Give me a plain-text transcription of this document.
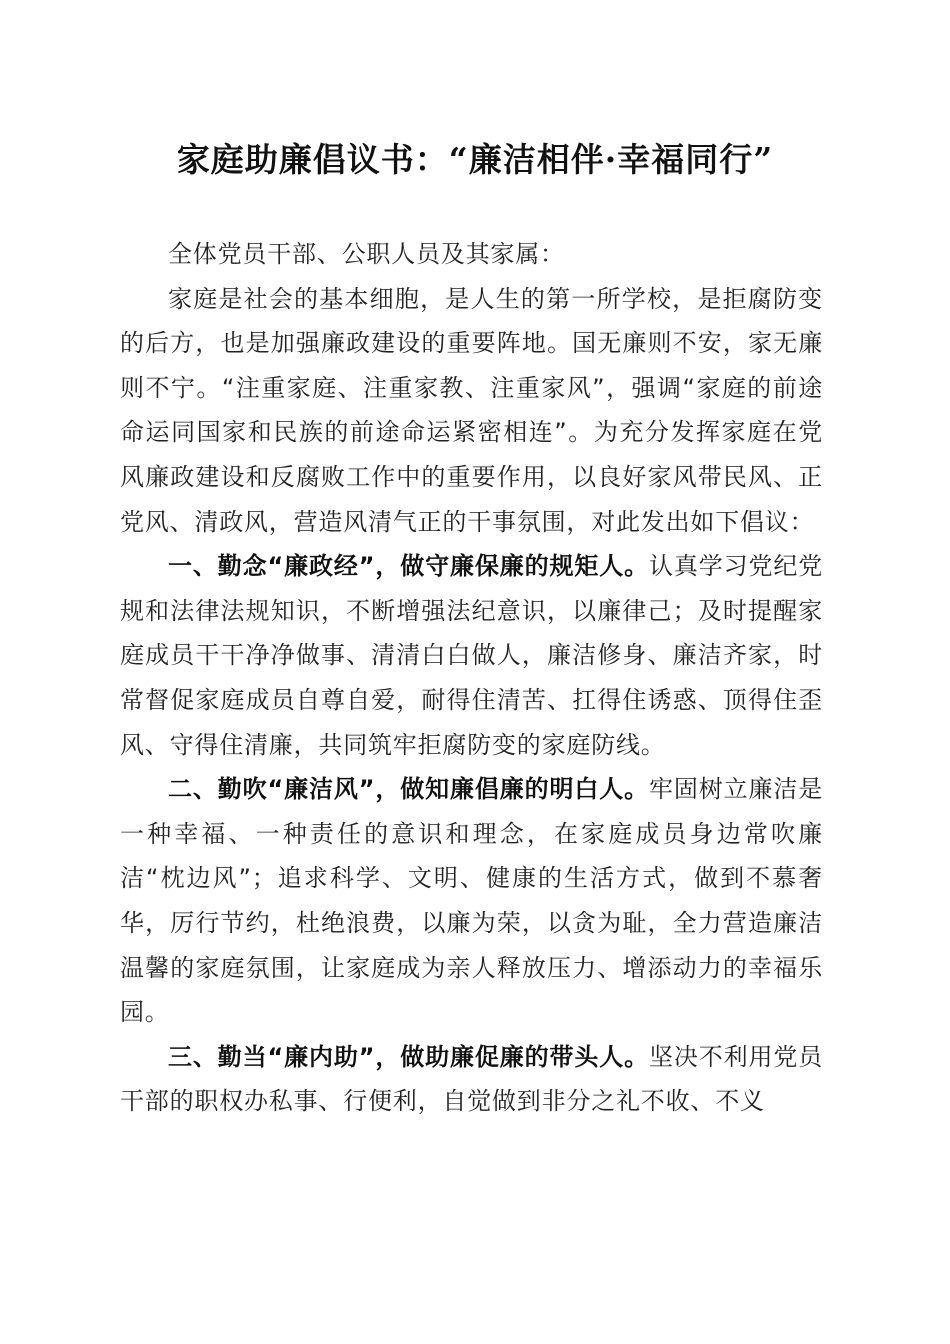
家庭助廉倡议书：“廉洁相伴·幸福同行”

全体党员干部、公职人员及其家属：

家庭是社会的基本细胞，是人生的第一所学校，是拒腐防变的后方，也是加强廉政建设的重要阵地。国无廉则不安，家无廉则不宁。“注重家庭、注重家教、注重家风”，强调“家庭的前途命运同国家和民族的前途命运紧密相连”。为充分发挥家庭在党风廉政建设和反腐败工作中的重要作用，以良好家风带民风、正党风、清政风，营造风清气正的干事氛围，对此发出如下倡议：

一、勤念“廉政经”，做守廉保廉的规矩人。认真学习党纪党规和法律法规知识，不断增强法纪意识，以廉律己；及时提醒家庭成员干干净净做事、清清白白做人，廉洁修身、廉洁齐家，时常督促家庭成员自尊自爱，耐得住清苦、扛得住诱惑、顶得住歪风、守得住清廉，共同筑牢拒腐防变的家庭防线。

二、勤吹“廉洁风”，做知廉倡廉的明白人。牢固树立廉洁是一种幸福、一种责任的意识和理念，在家庭成员身边常吹廉洁“枕边风”；追求科学、文明、健康的生活方式，做到不慕奢华，厉行节约，杜绝浪费，以廉为荣，以贪为耻，全力营造廉洁温馨的家庭氛围，让家庭成为亲人释放压力、增添动力的幸福乐园。

三、勤当“廉内助”，做助廉促廉的带头人。坚决不利用党员干部的职权办私事、行便利，自觉做到非分之礼不收、不义
